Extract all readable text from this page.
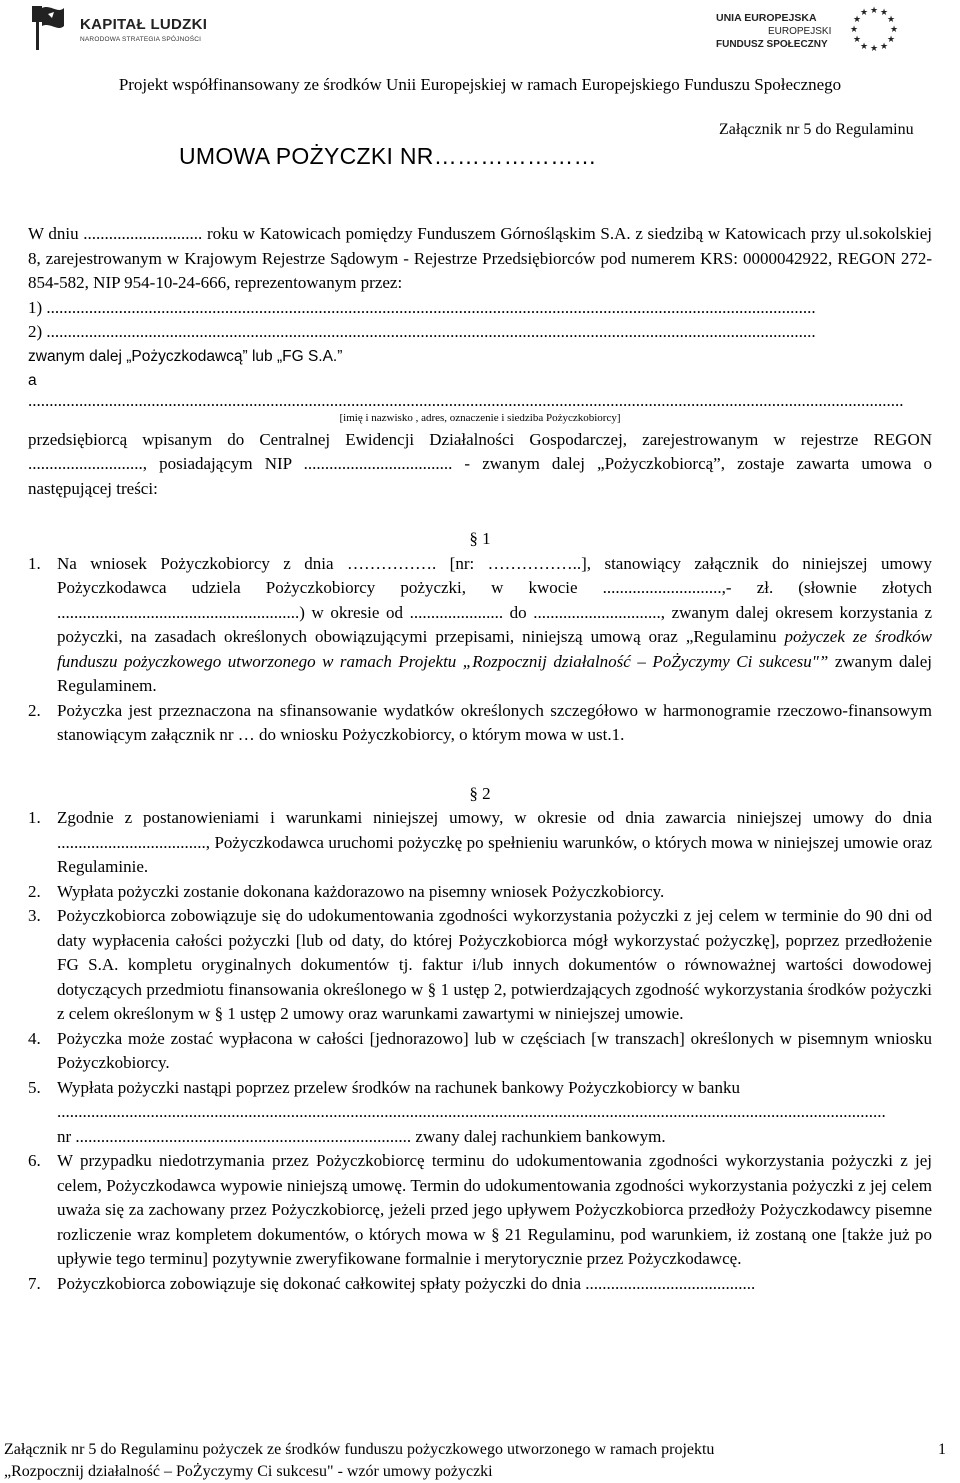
KAPITAŁ LUDZKI
NARODOWA STRATEGIA SPÓJNOŚCI
UNIA EUROPEJSKA
EUROPEJSKI
FUNDUSZ SPOŁECZNY
★ ★
★
★
★
★
★
★
★
★
★
★
Projekt współfinansowany ze środków Unii Europejskiej w ramach Europejskiego Funduszu Społecznego
Załącznik nr 5 do Regulaminu
UMOWA POŻYCZKI NR…………………

W dniu ............................ roku w Katowicach pomiędzy Funduszem Górnośląskim S.A. z siedzibą w Katowicach przy ul.sokolskiej 8, zarejestrowanym w Krajowym Rejestrze Sądowym - Rejestrze Przedsiębiorców pod numerem KRS: 0000042922, REGON 272-854-582, NIP 954-10-24-666, reprezentowanym przez:

1) .....................................................................................................................................................................................

2) .....................................................................................................................................................................................

zwanym dalej „Pożyczkodawcą” lub „FG S.A.”

a

..............................................................................................................................................................................................................

[imię i nazwisko , adres, oznaczenie i siedziba Pożyczkobiorcy]

przedsiębiorcą wpisanym do Centralnej Ewidencji Działalności Gospodarczej, zarejestrowanym w rejestrze REGON ..........................., posiadającym NIP ................................... - zwanym dalej „Pożyczkobiorcą”, zostaje zawarta umowa o następującej treści:

§ 1

1. Na wniosek Pożyczkobiorcy z dnia ……………. [nr: ……………..], stanowiący załącznik do niniejszej umowy Pożyczkodawca udziela Pożyczkobiorcy pożyczki, w kwocie ............................,- zł. (słownie złotych .........................................................) w okresie od ...................... do .............................., zwanym dalej okresem korzystania z pożyczki, na zasadach określonych obowiązującymi przepisami, niniejszą umową oraz „Regulaminu pożyczek ze środków funduszu pożyczkowego utworzonego w ramach Projektu „Rozpocznij działalność – PoŻyczymy Ci sukcesu"” zwanym dalej Regulaminem.
2. Pożyczka jest przeznaczona na sfinansowanie wydatków określonych szczegółowo w harmonogramie rzeczowo-finansowym stanowiącym załącznik nr … do wniosku Pożyczkobiorcy, o którym mowa w ust.1.

§ 2

1. Zgodnie z postanowieniami i warunkami niniejszej umowy, w okresie od dnia zawarcia niniejszej umowy do dnia ..................................., Pożyczkodawca uruchomi pożyczkę po spełnieniu warunków, o których mowa w niniejszej umowie oraz Regulaminie.
2. Wypłata pożyczki zostanie dokonana każdorazowo na pisemny wniosek Pożyczkobiorcy.
3. Pożyczkobiorca zobowiązuje się do udokumentowania zgodności wykorzystania pożyczki z jej celem w terminie do 90 dni od daty wypłacenia całości pożyczki [lub od daty, do której Pożyczkobiorca mógł wykorzystać pożyczkę], poprzez przedłożenie FG S.A. kompletu oryginalnych dokumentów tj. faktur i/lub innych dokumentów o równoważnej wartości dowodowej dotyczących przedmiotu finansowania określonego w § 1 ustęp 2, potwierdzających zgodność wykorzystania środków pożyczki z celem określonym w § 1 ustęp 2 umowy oraz warunkami zawartymi w niniejszej umowie.
4. Pożyczka może zostać wypłacona w całości [jednorazowo] lub w częściach [w transzach] określonych w pisemnym wniosku Pożyczkobiorcy.
5. Wypłata pożyczki nastąpi poprzez przelew środków na rachunek bankowy Pożyczkobiorcy w banku
...................................................................................................................................................................................................
nr ............................................................................... zwany dalej rachunkiem bankowym.
6. W przypadku niedotrzymania przez Pożyczkobiorcę terminu do udokumentowania zgodności wykorzystania pożyczki z jej celem, Pożyczkodawca wypowie niniejszą umowę. Termin do udokumentowania zgodności wykorzystania pożyczki z jej celem uważa się za zachowany przez Pożyczkobiorcę, jeżeli przed jego upływem Pożyczkobiorca przedłoży Pożyczkodawcy pisemne rozliczenie wraz kompletem dokumentów, o których mowa w § 21 Regulaminu, pod warunkiem, iż zostaną one [także już po upływie tego terminu] pozytywnie zweryfikowane formalnie i merytorycznie przez Pożyczkodawcę.
7. Pożyczkobiorca zobowiązuje się dokonać całkowitej spłaty pożyczki do dnia ........................................
Załącznik nr 5 do Regulaminu pożyczek ze środków funduszu pożyczkowego utworzonego w ramach projektu
„Rozpocznij działalność – PoŻyczymy Ci sukcesu" - wzór umowy pożyczki
1
